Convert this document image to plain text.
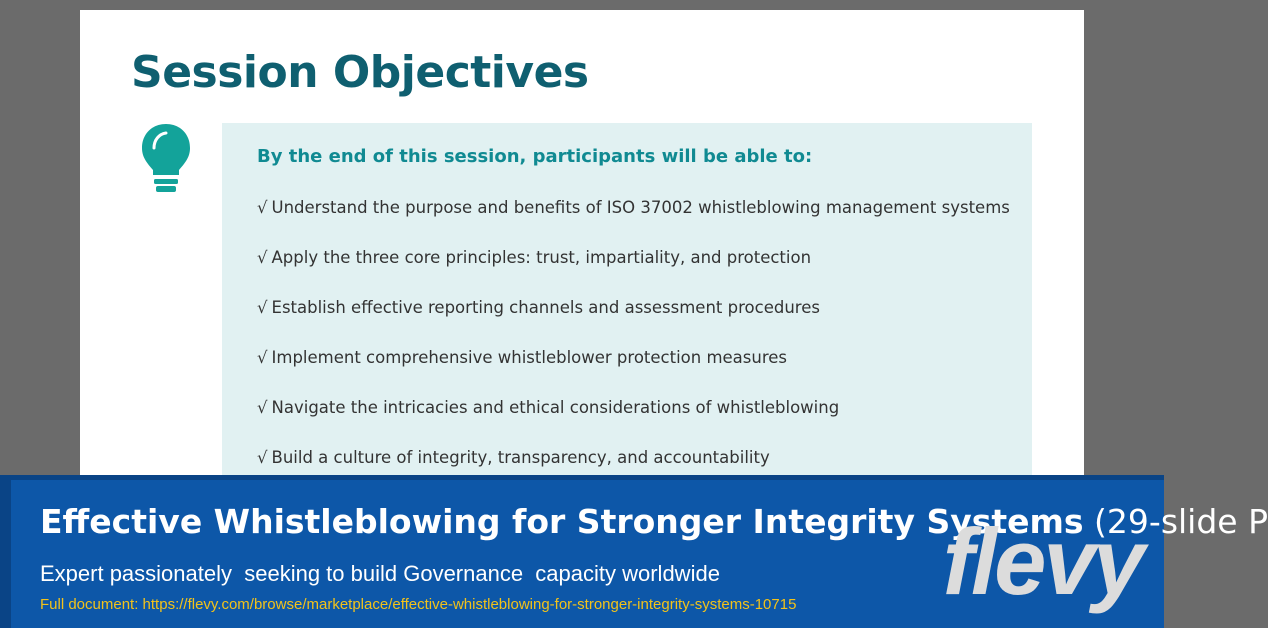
Session Objectives
By the end of this session, participants will be able to:
√ Understand the purpose and benefits of ISO 37002 whistleblowing management systems
√ Apply the three core principles: trust, impartiality, and protection
√ Establish effective reporting channels and assessment procedures
√ Implement comprehensive whistleblower protection measures
√ Navigate the intricacies and ethical considerations of whistleblowing
√ Build a culture of integrity, transparency, and accountability
Effective Whistleblowing for Stronger Integrity Systems (29-slide P

Expert passionately  seeking to build Governance  capacity worldwide

Full document: https://flevy.com/browse/marketplace/effective-whistleblowing-for-stronger-integrity-systems-10715 flevy
